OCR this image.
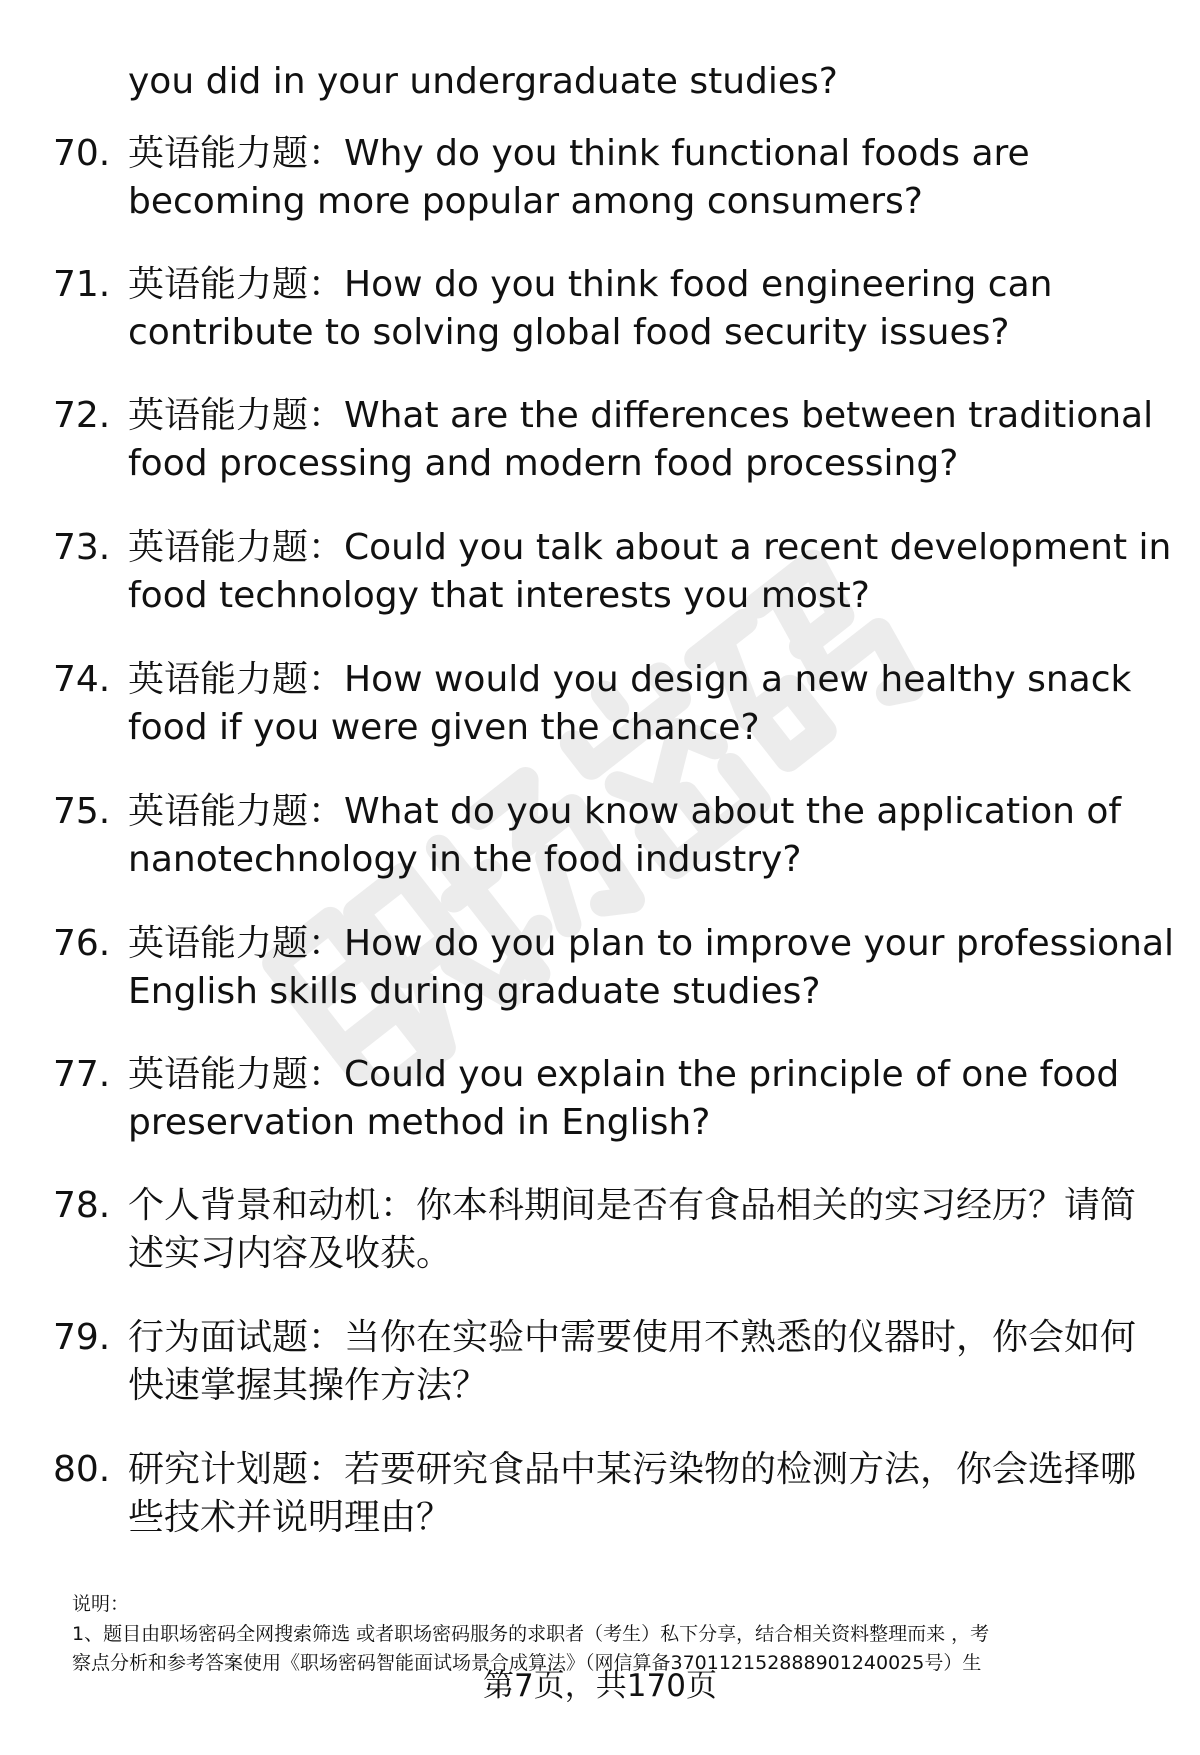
you did in your undergraduate studies?
70. 英语能力题：Why do you think functional foods are
becoming more popular among consumers?
71. 英语能力题：How do you think food engineering can
contribute to solving global food security issues?
72. 英语能力题：What are the differences between traditional
food processing and modern food processing?
73. 英语能力题：Could you talk about a recent development in
food technology that interests you most?
74. 英语能力题：How would you design a new healthy snack
food if you were given the chance?
75. 英语能力题：What do you know about the application of
nanotechnology in the food industry?
76. 英语能力题：How do you plan to improve your professional
English skills during graduate studies?
77. 英语能力题：Could you explain the principle of one food
preservation method in English?
78. 个人背景和动机：你本科期间是否有食品相关的实习经历？请简
述实习内容及收获。
79. 行为面试题：当你在实验中需要使用不熟悉的仪器时，你会如何
快速掌握其操作方法？
80. 研究计划题：若要研究食品中某污染物的检测方法，你会选择哪
些技术并说明理由？
说明：
1、题目由职场密码全网搜索筛选 或者职场密码服务的求职者（考生）私下分享，结合相关资料整理而来 ，考
察点分析和参考答案使用《职场密码智能面试场景合成算法》（网信算备370112152888901240025号）生
第7页，共170页
